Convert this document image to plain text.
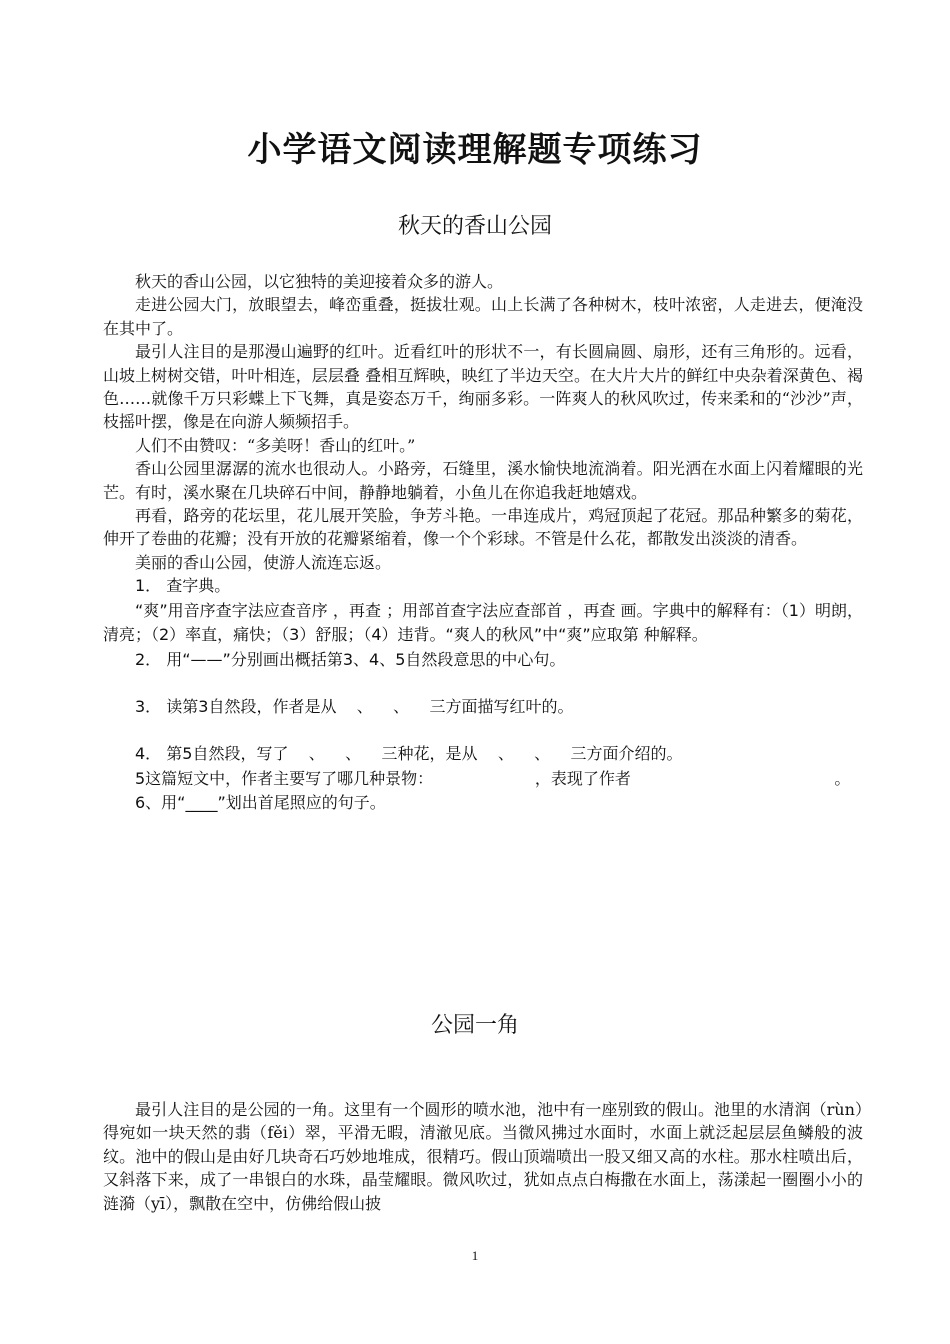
小学语文阅读理解题专项练习
秋天的香山公园

秋天的香山公园，以它独特的美迎接着众多的游人。

走进公园大门，放眼望去，峰峦重叠，挺拔壮观。山上长满了各种树木，枝叶浓密，人走进去，便淹没在其中了。

最引人注目的是那漫山遍野的红叶。近看红叶的形状不一，有长圆扁圆、扇形，还有三角形的。远看，山坡上树树交错，叶叶相连，层层叠 叠相互辉映，映红了半边天空。在大片大片的鲜红中央杂着深黄色、褐 色……就像千万只彩蝶上下飞舞，真是姿态万千，绚丽多彩。一阵爽人的秋风吹过，传来柔和的“沙沙”声，枝摇叶摆，像是在向游人频频招手。

人们不由赞叹：“多美呀！香山的红叶。”

香山公园里潺潺的流水也很动人。小路旁，石缝里，溪水愉快地流淌着。阳光洒在水面上闪着耀眼的光芒。有时，溪水聚在几块碎石中间，静静地躺着，小鱼儿在你追我赶地嬉戏。

再看，路旁的花坛里，花儿展开笑脸，争芳斗艳。一串连成片，鸡冠顶起了花冠。那品种繁多的菊花，伸开了卷曲的花瓣；没有开放的花瓣紧缩着，像一个个彩球。不管是什么花，都散发出淡淡的清香。

美丽的香山公园，使游人流连忘返。

1． 查字典。

“爽”用音序查字法应查音序 ，再查 ；用部首查字法应查部首 ，再查 画。字典中的解释有：（1）明朗，清亮；（2）率直，痛快；（3）舒服；（4）违背。“爽人的秋风”中“爽”应取第 种解释。

2． 用“——”分别画出概括第3、4、5自然段意思的中心句。

3． 读第3自然段，作者是从    、    、    三方面描写红叶的。

4． 第5自然段，写了    、    、    三种花，是从    、    、    三方面介绍的。

5这篇短文中，作者主要写了哪几种景物：                    ，表现了作者                                        。

6、用“____”划出首尾照应的句子。

公园一角

最引人注目的是公园的一角。这里有一个圆形的喷水池，池中有一座别致的假山。池里的水清润（rùn）得宛如一块天然的翡（fěi）翠，平滑无暇，清澈见底。当微风拂过水面时，水面上就泛起层层鱼鳞般的波纹。池中的假山是由好几块奇石巧妙地堆成，很精巧。假山顶端喷出一股又细又高的水柱。那水柱喷出后，又斜落下来，成了一串银白的水珠，晶莹耀眼。微风吹过，犹如点点白梅撒在水面上，荡漾起一圈圈小小的涟漪（yī），飘散在空中，仿佛给假山披

1
